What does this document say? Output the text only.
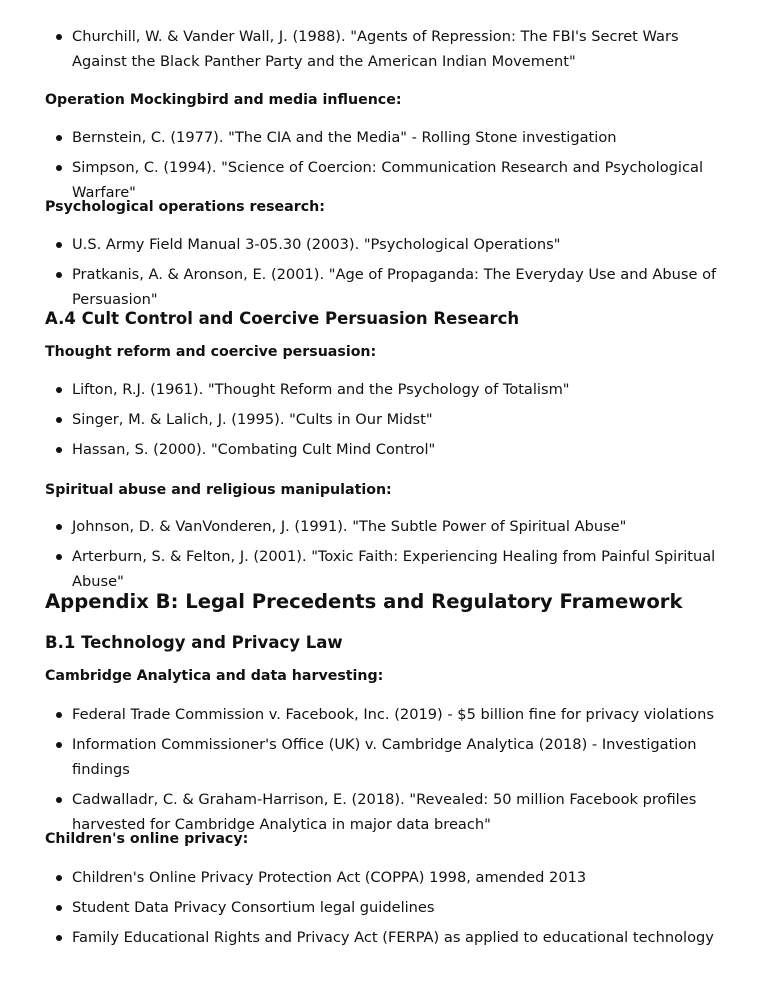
Churchill, W. & Vander Wall, J. (1988). "Agents of Repression: The FBI's Secret Wars Against the Black Panther Party and the American Indian Movement"
Operation Mockingbird and media influence:
Bernstein, C. (1977). "The CIA and the Media" - Rolling Stone investigation
Simpson, C. (1994). "Science of Coercion: Communication Research and Psychological Warfare"
Psychological operations research:
U.S. Army Field Manual 3-05.30 (2003). "Psychological Operations"
Pratkanis, A. & Aronson, E. (2001). "Age of Propaganda: The Everyday Use and Abuse of Persuasion"
A.4 Cult Control and Coercive Persuasion Research
Thought reform and coercive persuasion:
Lifton, R.J. (1961). "Thought Reform and the Psychology of Totalism"
Singer, M. & Lalich, J. (1995). "Cults in Our Midst"
Hassan, S. (2000). "Combating Cult Mind Control"
Spiritual abuse and religious manipulation:
Johnson, D. & VanVonderen, J. (1991). "The Subtle Power of Spiritual Abuse"
Arterburn, S. & Felton, J. (2001). "Toxic Faith: Experiencing Healing from Painful Spiritual Abuse"
Appendix B: Legal Precedents and Regulatory Framework
B.1 Technology and Privacy Law
Cambridge Analytica and data harvesting:
Federal Trade Commission v. Facebook, Inc. (2019) - $5 billion fine for privacy violations
Information Commissioner's Office (UK) v. Cambridge Analytica (2018) - Investigation findings
Cadwalladr, C. & Graham-Harrison, E. (2018). "Revealed: 50 million Facebook profiles harvested for Cambridge Analytica in major data breach"
Children's online privacy:
Children's Online Privacy Protection Act (COPPA) 1998, amended 2013
Student Data Privacy Consortium legal guidelines
Family Educational Rights and Privacy Act (FERPA) as applied to educational technology
